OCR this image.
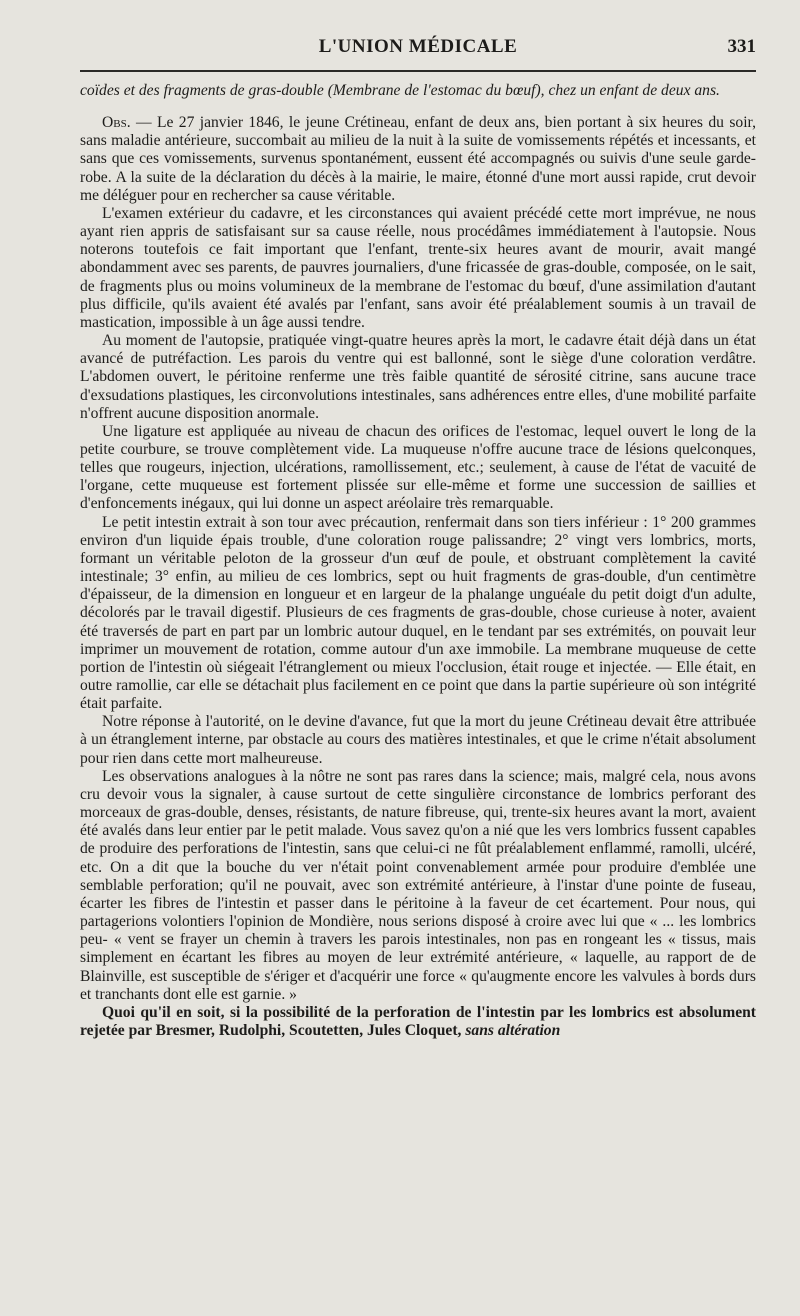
L'UNION MÉDICALE	331

coïdes et des fragments de gras-double (Membrane de l'estomac du bœuf), chez un enfant de deux ans.

Obs. — Le 27 janvier 1846, le jeune Crétineau, enfant de deux ans, bien portant à six heures du soir, sans maladie antérieure, succombait au milieu de la nuit à la suite de vomissements répétés et incessants, et sans que ces vomissements, survenus spontanément, eussent été accompagnés ou suivis d'une seule garde-robe. A la suite de la déclaration du décès à la mairie, le maire, étonné d'une mort aussi rapide, crut devoir me déléguer pour en rechercher sa cause véritable.

L'examen extérieur du cadavre, et les circonstances qui avaient précédé cette mort imprévue, ne nous ayant rien appris de satisfaisant sur sa cause réelle, nous procédâmes immédiatement à l'autopsie. Nous noterons toutefois ce fait important que l'enfant, trente-six heures avant de mourir, avait mangé abondamment avec ses parents, de pauvres journaliers, d'une fricassée de gras-double, composée, on le sait, de fragments plus ou moins volumineux de la membrane de l'estomac du bœuf, d'une assimilation d'autant plus difficile, qu'ils avaient été avalés par l'enfant, sans avoir été préalablement soumis à un travail de mastication, impossible à un âge aussi tendre.

Au moment de l'autopsie, pratiquée vingt-quatre heures après la mort, le cadavre était déjà dans un état avancé de putréfaction. Les parois du ventre qui est ballonné, sont le siège d'une coloration verdâtre. L'abdomen ouvert, le péritoine renferme une très faible quantité de sérosité citrine, sans aucune trace d'exsudations plastiques, les circonvolutions intestinales, sans adhérences entre elles, d'une mobilité parfaite n'offrent aucune disposition anormale.

Une ligature est appliquée au niveau de chacun des orifices de l'estomac, lequel ouvert le long de la petite courbure, se trouve complètement vide. La muqueuse n'offre aucune trace de lésions quelconques, telles que rougeurs, injection, ulcérations, ramollissement, etc.; seulement, à cause de l'état de vacuité de l'organe, cette muqueuse est fortement plissée sur elle-même et forme une succession de saillies et d'enfoncements inégaux, qui lui donne un aspect aréolaire très remarquable.

Le petit intestin extrait à son tour avec précaution, renfermait dans son tiers inférieur : 1° 200 grammes environ d'un liquide épais trouble, d'une coloration rouge palissandre; 2° vingt vers lombrics, morts, formant un véritable peloton de la grosseur d'un œuf de poule, et obstruant complètement la cavité intestinale; 3° enfin, au milieu de ces lombrics, sept ou huit fragments de gras-double, d'un centimètre d'épaisseur, de la dimension en longueur et en largeur de la phalange unguéale du petit doigt d'un adulte, décolorés par le travail digestif. Plusieurs de ces fragments de gras-double, chose curieuse à noter, avaient été traversés de part en part par un lombric autour duquel, en le tendant par ses extrémités, on pouvait leur imprimer un mouvement de rotation, comme autour d'un axe immobile. La membrane muqueuse de cette portion de l'intestin où siégeait l'étranglement ou mieux l'occlusion, était rouge et injectée. — Elle était, en outre ramollie, car elle se détachait plus facilement en ce point que dans la partie supérieure où son intégrité était parfaite.

Notre réponse à l'autorité, on le devine d'avance, fut que la mort du jeune Crétineau devait être attribuée à un étranglement interne, par obstacle au cours des matières intestinales, et que le crime n'était absolument pour rien dans cette mort malheureuse.

Les observations analogues à la nôtre ne sont pas rares dans la science; mais, malgré cela, nous avons cru devoir vous la signaler, à cause surtout de cette singulière circonstance de lombrics perforant des morceaux de gras-double, denses, résistants, de nature fibreuse, qui, trente-six heures avant la mort, avaient été avalés dans leur entier par le petit malade. Vous savez qu'on a nié que les vers lombrics fussent capables de produire des perforations de l'intestin, sans que celui-ci ne fût préalablement enflammé, ramolli, ulcéré, etc. On a dit que la bouche du ver n'était point convenablement armée pour produire d'emblée une semblable perforation; qu'il ne pouvait, avec son extrémité antérieure, à l'instar d'une pointe de fuseau, écarter les fibres de l'intestin et passer dans le péritoine à la faveur de cet écartement. Pour nous, qui partagerions volontiers l'opinion de Mondière, nous serions disposé à croire avec lui que « ... les lombrics peu- « vent se frayer un chemin à travers les parois intestinales, non pas en rongeant les « tissus, mais simplement en écartant les fibres au moyen de leur extrémité antérieure, « laquelle, au rapport de de Blainville, est susceptible de s'ériger et d'acquérir une force « qu'augmente encore les valvules à bords durs et tranchants dont elle est garnie. »

Quoi qu'il en soit, si la possibilité de la perforation de l'intestin par les lombrics est absolument rejetée par Bresmer, Rudolphi, Scoutetten, Jules Cloquet, sans altération
